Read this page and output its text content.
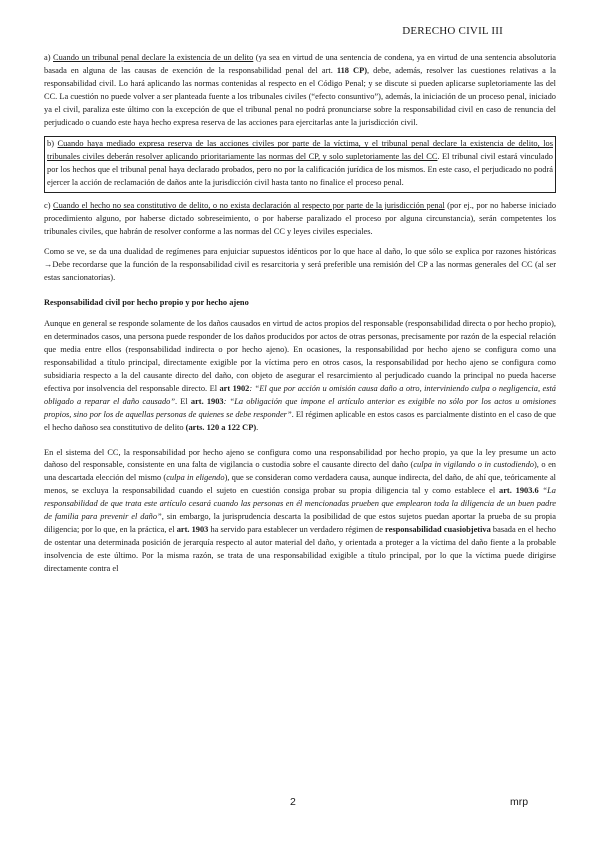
DERECHO CIVIL III

a) Cuando un tribunal penal declare la existencia de un delito (ya sea en virtud de una sentencia de condena, ya en virtud de una sentencia absolutoria basada en alguna de las causas de exención de la responsabilidad penal del art. 118 CP), debe, además, resolver las cuestiones relativas a la responsabilidad civil. Lo hará aplicando las normas contenidas al respecto en el Código Penal; y se discute si pueden aplicarse supletoriamente las del CC. La cuestión no puede volver a ser planteada fuente a los tribunales civiles (“efecto consuntivo”), además, la iniciación de un proceso penal, iniciado ya el civil, paraliza este último con la excepción de que el tribunal penal no podrá pronunciarse sobre la responsabilidad civil en caso de renuncia del perjudicado o cuando este haya hecho expresa reserva de las acciones para ejercitarlas ante la jurisdicción civil.

b) Cuando haya mediado expresa reserva de las acciones civiles por parte de la víctima, y el tribunal penal declare la existencia de delito, los tribunales civiles deberán resolver aplicando prioritariamente las normas del CP, y solo supletoriamente las del CC. El tribunal civil estará vinculado por los hechos que el tribunal penal haya declarado probados, pero no por la calificación jurídica de los mismos. En este caso, el perjudicado no podrá ejercer la acción de reclamación de daños ante la jurisdicción civil hasta tanto no finalice el proceso penal.

c) Cuando el hecho no sea constitutivo de delito, o no exista declaración al respecto por parte de la jurisdicción penal (por ej., por no haberse iniciado procedimiento alguno, por haberse dictado sobreseimiento, o por haberse paralizado el proceso por alguna circunstancia), serán competentes los tribunales civiles, que habrán de resolver conforme a las normas del CC y leyes civiles especiales.

Como se ve, se da una dualidad de regímenes para enjuiciar supuestos idénticos por lo que hace al daño, lo que sólo se explica por razones históricas →Debe recordarse que la función de la responsabilidad civil es resarcitoria y será preferible una remisión del CP a las normas generales del CC (al ser estas sancionatorias).

Responsabilidad civil por hecho propio y por hecho ajeno

Aunque en general se responde solamente de los daños causados en virtud de actos propios del responsable (responsabilidad directa o por hecho propio), en determinados casos, una persona puede responder de los daños producidos por actos de otras personas, precisamente por razón de la especial relación que media entre ellos (responsabilidad indirecta o por hecho ajeno). En ocasiones, la responsabilidad por hecho ajeno se configura como una responsabilidad a título principal, directamente exigible por la víctima pero en otros casos, la responsabilidad por hecho ajeno se configura como subsidiaria respecto a la del causante directo del daño, con objeto de asegurar el resarcimiento al perjudicado cuando la principal no pueda hacerse efectiva por insolvencia del responsable directo. El art 1902: “El que por acción u omisión causa daño a otro, interviniendo culpa o negligencia, está obligado a reparar el daño causado”. El art. 1903: “La obligación que impone el artículo anterior es exigible no sólo por los actos u omisiones propios, sino por los de aquellas personas de quienes se debe responder”. El régimen aplicable en estos casos es parcialmente distinto en el caso de que el hecho dañoso sea constitutivo de delito (arts. 120 a 122 CP).

En el sistema del CC, la responsabilidad por hecho ajeno se configura como una responsabilidad por hecho propio, ya que la ley presume un acto dañoso del responsable, consistente en una falta de vigilancia o custodia sobre el causante directo del daño (culpa in vigilando o in custodiendo), o en una descartada elección del mismo (culpa in eligendo), que se consideran como verdadera causa, aunque indirecta, del daño, de ahí que, teóricamente al menos, se excluya la responsabilidad cuando el sujeto en cuestión consiga probar su propia diligencia tal y como establece el art. 1903.6 “La responsabilidad de que trata este artículo cesará cuando las personas en él mencionadas prueben que emplearon toda la diligencia de un buen padre de familia para prevenir el daño”, sin embargo, la jurisprudencia descarta la posibilidad de que estos sujetos puedan aportar la prueba de su propia diligencia; por lo que, en la práctica, el art. 1903 ha servido para establecer un verdadero régimen de responsabilidad cuasiobjetiva basada en el hecho de ostentar una determinada posición de jerarquía respecto al autor material del daño, y orientada a proteger a la víctima del daño fiente a la probable insolvencia de este último. Por la misma razón, se trata de una responsabilidad exigible a título principal, por lo que la víctima puede dirigirse directamente contra el

2	mrp
